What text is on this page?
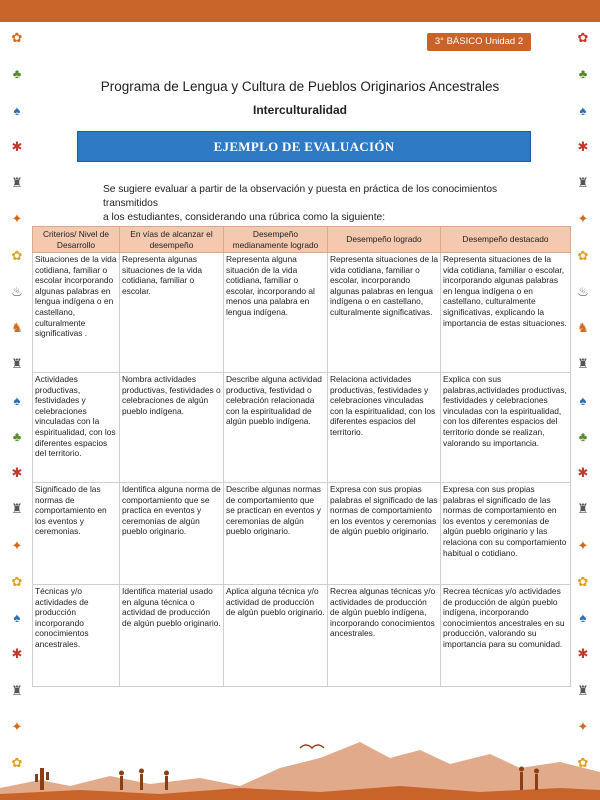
3° BÁSICO Unidad 2
✿
♣
♠
✱
♜
✦
✿
♨
♞
♜
♠
♣
✱
♜
✦
✿
♠
✱
♜
✦
✿
✿
♣
♠
✱
♜
✦
✿
♨
♞
♜
♠
♣
✱
♜
✦
✿
♠
✱
♜
✦
✿
Programa de Lengua y Cultura de Pueblos Originarios Ancestrales
Interculturalidad
EJEMPLO DE EVALUACIÓN
Se sugiere evaluar a partir de la observación y puesta en práctica de los conocimientos transmitidos
a los estudiantes, considerando una rúbrica como la siguiente:
Criterios/ Nivel de Desarrollo	En vías de alcanzar el desempeño	Desempeño medianamente logrado	Desempeño logrado	Desempeño destacado
Situaciones de la vida cotidiana, familiar o escolar incorporando algunas palabras en lengua indígena o en castellano, culturalmente significativas .	Representa algunas situaciones de la vida cotidiana, familiar o escolar.	Representa alguna situación de la vida cotidiana, familiar o escolar, incorporando al menos una palabra en lengua indígena.	Representa situaciones de la vida cotidiana, familiar o escolar, incorporando algunas palabras en lengua indígena o en castellano, culturalmente significativas.	Representa situaciones de la vida cotidiana, familiar o escolar, incorporando algunas palabras en lengua indígena o en castellano, culturalmente significativas, explicando la importancia de estas situaciones.
Actividades productivas, festividades y celebraciones vinculadas con la espiritualidad, con los diferentes espacios del territorio.	Nombra actividades productivas, festividades o celebraciones de algún pueblo indígena.	Describe alguna actividad productiva, festividad o celebración relacionada con la espiritualidad de algún pueblo indígena.	Relaciona actividades productivas, festividades y celebraciones vinculadas con la espiritualidad, con los diferentes espacios del territorio.	Explica con sus palabras,actividades productivas, festividades y celebraciones vinculadas con la espiritualidad, con los diferentes espacios del territorio donde se realizan, valorando su importancia.
Significado de las normas de comportamiento en los eventos y ceremonias.	Identifica alguna norma de comportamiento que se practica en eventos y ceremonias de algún pueblo originario.	Describe algunas normas de comportamiento que se practican en eventos y ceremonias de algún pueblo originario.	Expresa con sus propias palabras el significado de las normas de comportamiento en los eventos y ceremonias de algún pueblo originario.	Expresa con sus propias palabras el significado de las normas de comportamiento en los eventos y ceremonias de algún pueblo originario y las relaciona con su comportamiento habitual o cotidiano.
Técnicas y/o actividades de producción incorporando conocimientos ancestrales.	Identifica material usado en alguna técnica o actividad de producción de algún pueblo originario.	Aplica alguna técnica y/o actividad de producción de algún pueblo originario.	Recrea algunas técnicas y/o actividades de producción de algún pueblo indígena, incorporando conocimientos ancestrales.	Recrea técnicas y/o actividades de producción de algún pueblo indígena, incorporando conocimientos ancestrales en su producción, valorando su importancia para su comunidad.
